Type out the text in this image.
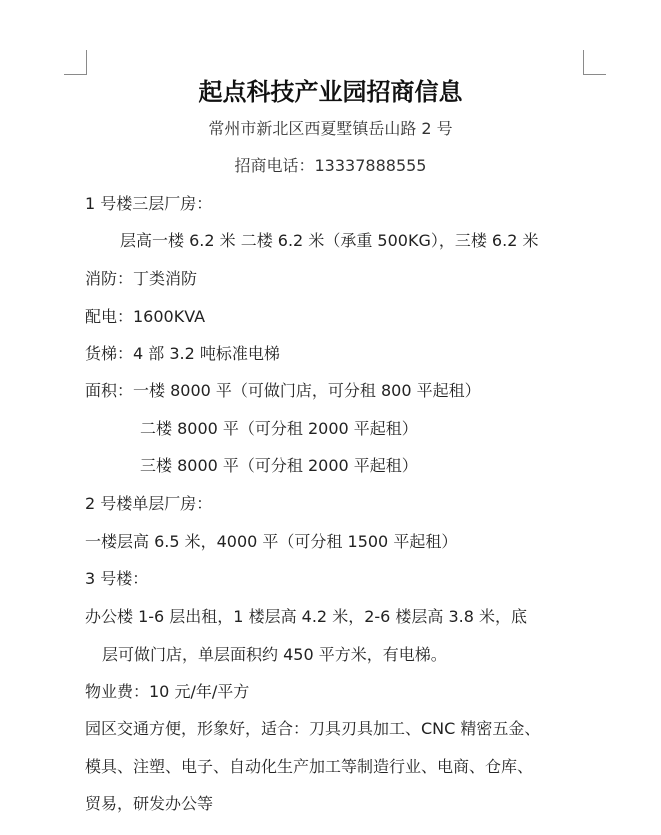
起点科技产业园招商信息
常州市新北区西夏墅镇岳山路 2 号
招商电话：13337888555
1 号楼三层厂房：
层高一楼 6.2 米 二楼 6.2 米（承重 500KG），三楼 6.2 米
消防：丁类消防
配电：1600KVA
货梯：4 部 3.2 吨标准电梯
面积：一楼 8000 平（可做门店，可分租 800 平起租）
二楼 8000 平（可分租 2000 平起租）
三楼 8000 平（可分租 2000 平起租）
2 号楼单层厂房：
一楼层高 6.5 米，4000 平（可分租 1500 平起租）
3 号楼：
办公楼 1-6 层出租，1 楼层高 4.2 米，2-6 楼层高 3.8 米，底
层可做门店，单层面积约 450 平方米，有电梯。
物业费：10 元/年/平方
园区交通方便，形象好，适合：刀具刃具加工、CNC 精密五金、
模具、注塑、电子、自动化生产加工等制造行业、电商、仓库、
贸易，研发办公等
